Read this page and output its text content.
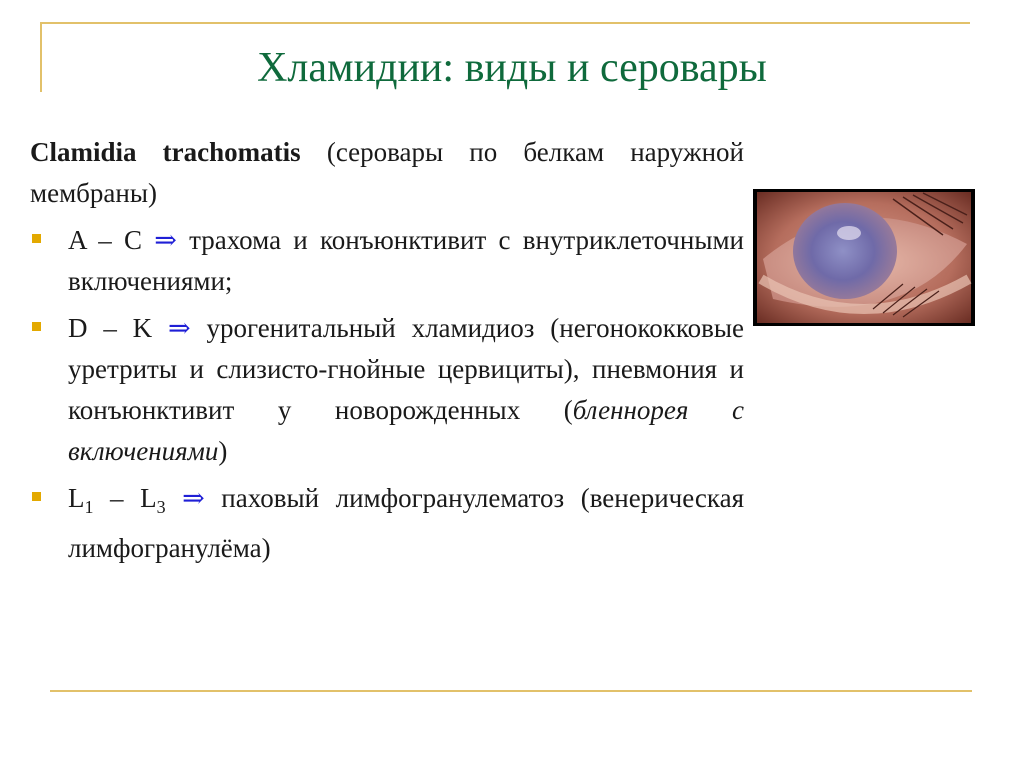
Хламидии: виды и серовары

Clamidia trachomatis (серовары по белкам наружной мембраны)

A – C ⇒ трахома и конъюнктивит с внутриклеточными включениями;

D – K ⇒ урогенитальный хламидиоз (негонококковые уретриты и слизисто-гнойные цервициты), пневмония и конъюнктивит у новорожденных (бленнорея с включениями)

$L_1 - L_3$ ⇒ паховый лимфогранулематоз (венерическая лимфогранулёма)
